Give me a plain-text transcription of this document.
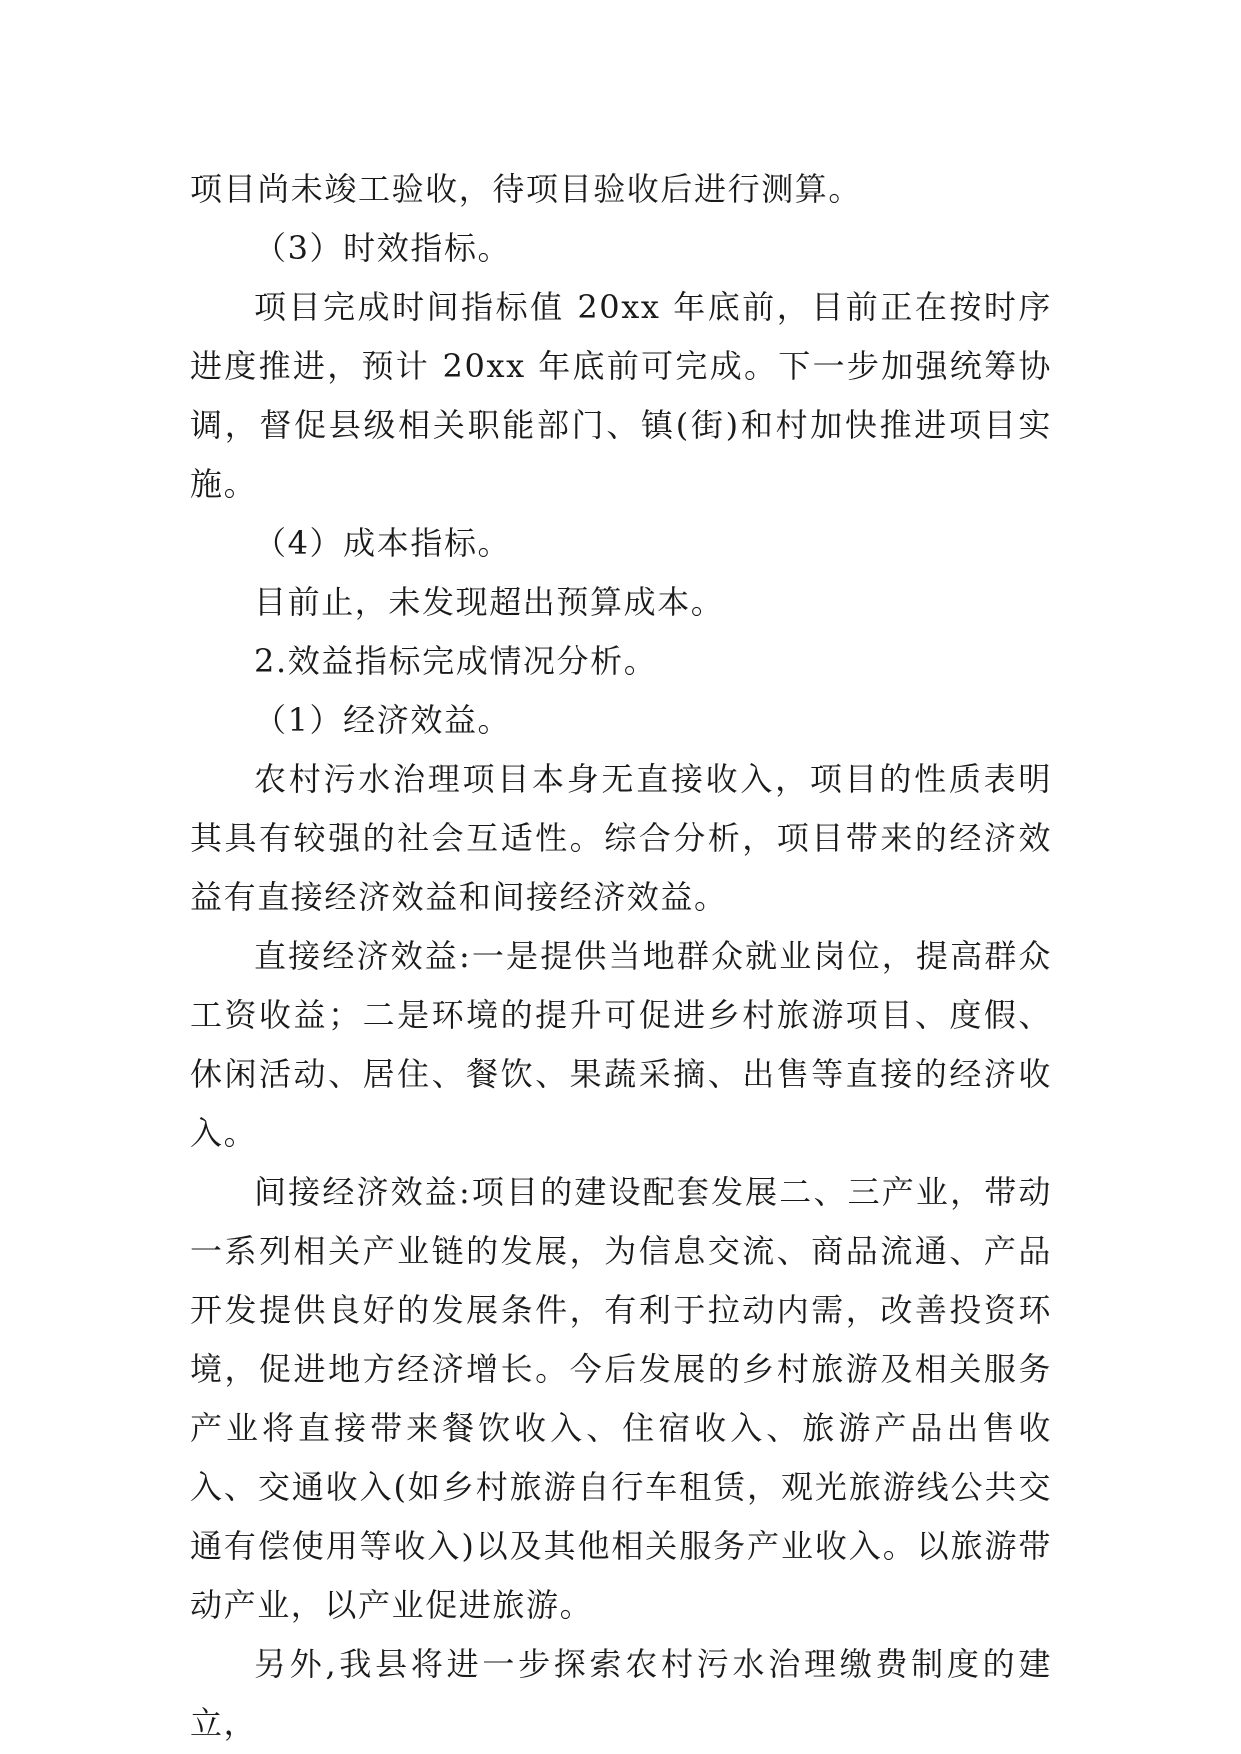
项目尚未竣工验收，待项目验收后进行测算。

（3）时效指标。

项目完成时间指标值 20xx 年底前，目前正在按时序进度推进，预计 20xx 年底前可完成。下一步加强统筹协调，督促县级相关职能部门、镇(街)和村加快推进项目实施。

（4）成本指标。

目前止，未发现超出预算成本。

2.效益指标完成情况分析。

（1）经济效益。

农村污水治理项目本身无直接收入，项目的性质表明其具有较强的社会互适性。综合分析，项目带来的经济效益有直接经济效益和间接经济效益。

直接经济效益:一是提供当地群众就业岗位，提高群众工资收益；二是环境的提升可促进乡村旅游项目、度假、休闲活动、居住、餐饮、果蔬采摘、出售等直接的经济收入。

间接经济效益:项目的建设配套发展二、三产业，带动一系列相关产业链的发展，为信息交流、商品流通、产品开发提供良好的发展条件，有利于拉动内需，改善投资环境，促进地方经济增长。今后发展的乡村旅游及相关服务产业将直接带来餐饮收入、住宿收入、旅游产品出售收入、交通收入(如乡村旅游自行车租赁，观光旅游线公共交通有偿使用等收入)以及其他相关服务产业收入。以旅游带动产业，以产业促进旅游。

另外,我县将进一步探索农村污水治理缴费制度的建立，
